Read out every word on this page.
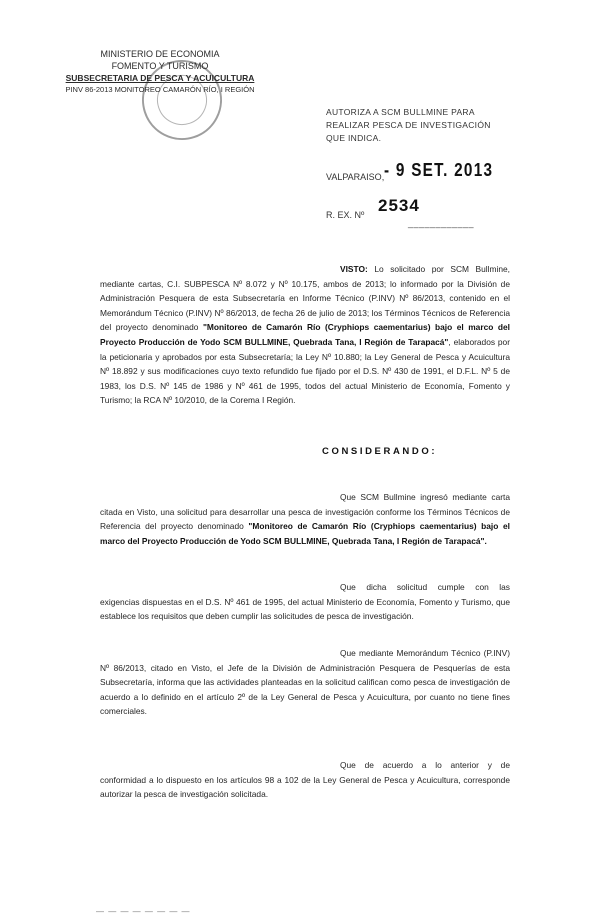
MINISTERIO DE ECONOMIA
FOMENTO Y TURISMO
SUBSECRETARIA DE PESCA Y ACUICULTURA
PINV 86-2013 MONITOREO CAMARÓN RÍO, I REGIÓN
AUTORIZA A SCM BULLMINE PARA REALIZAR PESCA DE INVESTIGACIÓN QUE INDICA.
VALPARAISO, - 9 SET. 2013
R. EX. Nº 2534
____________
VISTO: Lo solicitado por SCM Bullmine, mediante cartas, C.I. SUBPESCA Nº 8.072 y Nº 10.175, ambos de 2013; lo informado por la División de Administración Pesquera de esta Subsecretaría en Informe Técnico (P.INV) Nº 86/2013, contenido en el Memorándum Técnico (P.INV) Nº 86/2013, de fecha 26 de julio de 2013; los Términos Técnicos de Referencia del proyecto denominado "Monitoreo de Camarón Río (Cryphiops caementarius) bajo el marco del Proyecto Producción de Yodo SCM BULLMINE, Quebrada Tana, I Región de Tarapacá", elaborados por la peticionaria y aprobados por esta Subsecretaría; la Ley Nº 10.880; la Ley General de Pesca y Acuicultura Nº 18.892 y sus modificaciones cuyo texto refundido fue fijado por el D.S. Nº 430 de 1991, el D.F.L. Nº 5 de 1983, los D.S. Nº 145 de 1986 y Nº 461 de 1995, todos del actual Ministerio de Economía, Fomento y Turismo; la RCA Nº 10/2010, de la Corema I Región.
CONSIDERANDO:
Que SCM Bullmine ingresó mediante carta citada en Visto, una solicitud para desarrollar una pesca de investigación conforme los Términos Técnicos de Referencia del proyecto denominado "Monitoreo de Camarón Río (Cryphiops caementarius) bajo el marco del Proyecto Producción de Yodo SCM BULLMINE, Quebrada Tana, I Región de Tarapacá".
Que dicha solicitud cumple con las exigencias dispuestas en el D.S. Nº 461 de 1995, del actual Ministerio de Economía, Fomento y Turismo, que establece los requisitos que deben cumplir las solicitudes de pesca de investigación.
Que mediante Memorándum Técnico (P.INV) Nº 86/2013, citado en Visto, el Jefe de la División de Administración Pesquera de Pesquerías de esta Subsecretaría, informa que las actividades planteadas en la solicitud califican como pesca de investigación de acuerdo a lo definido en el artículo 2º de la Ley General de Pesca y Acuicultura, por cuanto no tiene fines comerciales.
Que de acuerdo a lo anterior y de conformidad a lo dispuesto en los artículos 98 a 102 de la Ley General de Pesca y Acuicultura, corresponde autorizar la pesca de investigación solicitada.
— — — — — — — —
